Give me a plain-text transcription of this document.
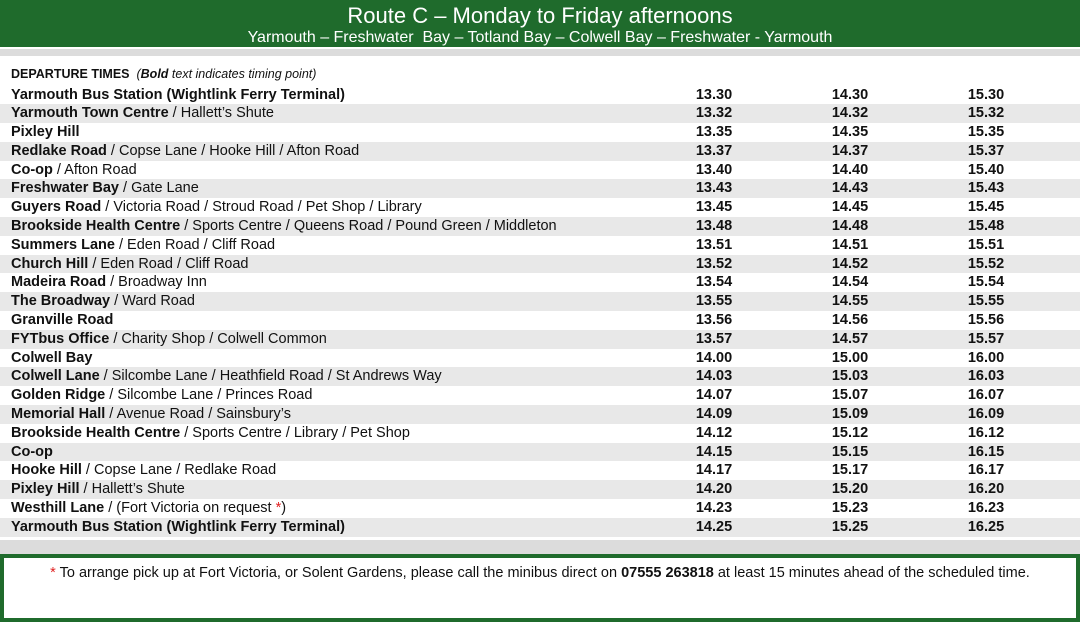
Route C – Monday to Friday afternoons
Yarmouth – Freshwater  Bay – Totland Bay – Colwell Bay – Freshwater - Yarmouth
DEPARTURE TIMES (Bold text indicates timing point)
Yarmouth Bus Station (Wightlink Ferry Terminal)	13.30	14.30	15.30
Yarmouth Town Centre / Hallett’s Shute	13.32	14.32	15.32
Pixley Hill	13.35	14.35	15.35
Redlake Road / Copse Lane / Hooke Hill / Afton Road	13.37	14.37	15.37
Co-op / Afton Road	13.40	14.40	15.40
Freshwater Bay / Gate Lane	13.43	14.43	15.43
Guyers Road / Victoria Road / Stroud Road / Pet Shop / Library	13.45	14.45	15.45
Brookside Health Centre / Sports Centre / Queens Road / Pound Green / Middleton	13.48	14.48	15.48
Summers Lane / Eden Road / Cliff Road	13.51	14.51	15.51
Church Hill / Eden Road / Cliff Road	13.52	14.52	15.52
Madeira Road / Broadway Inn	13.54	14.54	15.54
The Broadway / Ward Road	13.55	14.55	15.55
Granville Road	13.56	14.56	15.56
FYTbus Office / Charity Shop / Colwell Common	13.57	14.57	15.57
Colwell Bay	14.00	15.00	16.00
Colwell Lane / Silcombe Lane / Heathfield Road / St Andrews Way	14.03	15.03	16.03
Golden Ridge / Silcombe Lane / Princes Road	14.07	15.07	16.07
Memorial Hall / Avenue Road / Sainsbury’s	14.09	15.09	16.09
Brookside Health Centre / Sports Centre / Library / Pet Shop	14.12	15.12	16.12
Co-op	14.15	15.15	16.15
Hooke Hill / Copse Lane / Redlake Road	14.17	15.17	16.17
Pixley Hill / Hallett’s Shute	14.20	15.20	16.20
Westhill Lane / (Fort Victoria on request *)	14.23	15.23	16.23
Yarmouth Bus Station (Wightlink Ferry Terminal)	14.25	15.25	16.25
* To arrange pick up at Fort Victoria, or Solent Gardens, please call the minibus direct on 07555 263818 at least 15 minutes ahead of the scheduled time.
